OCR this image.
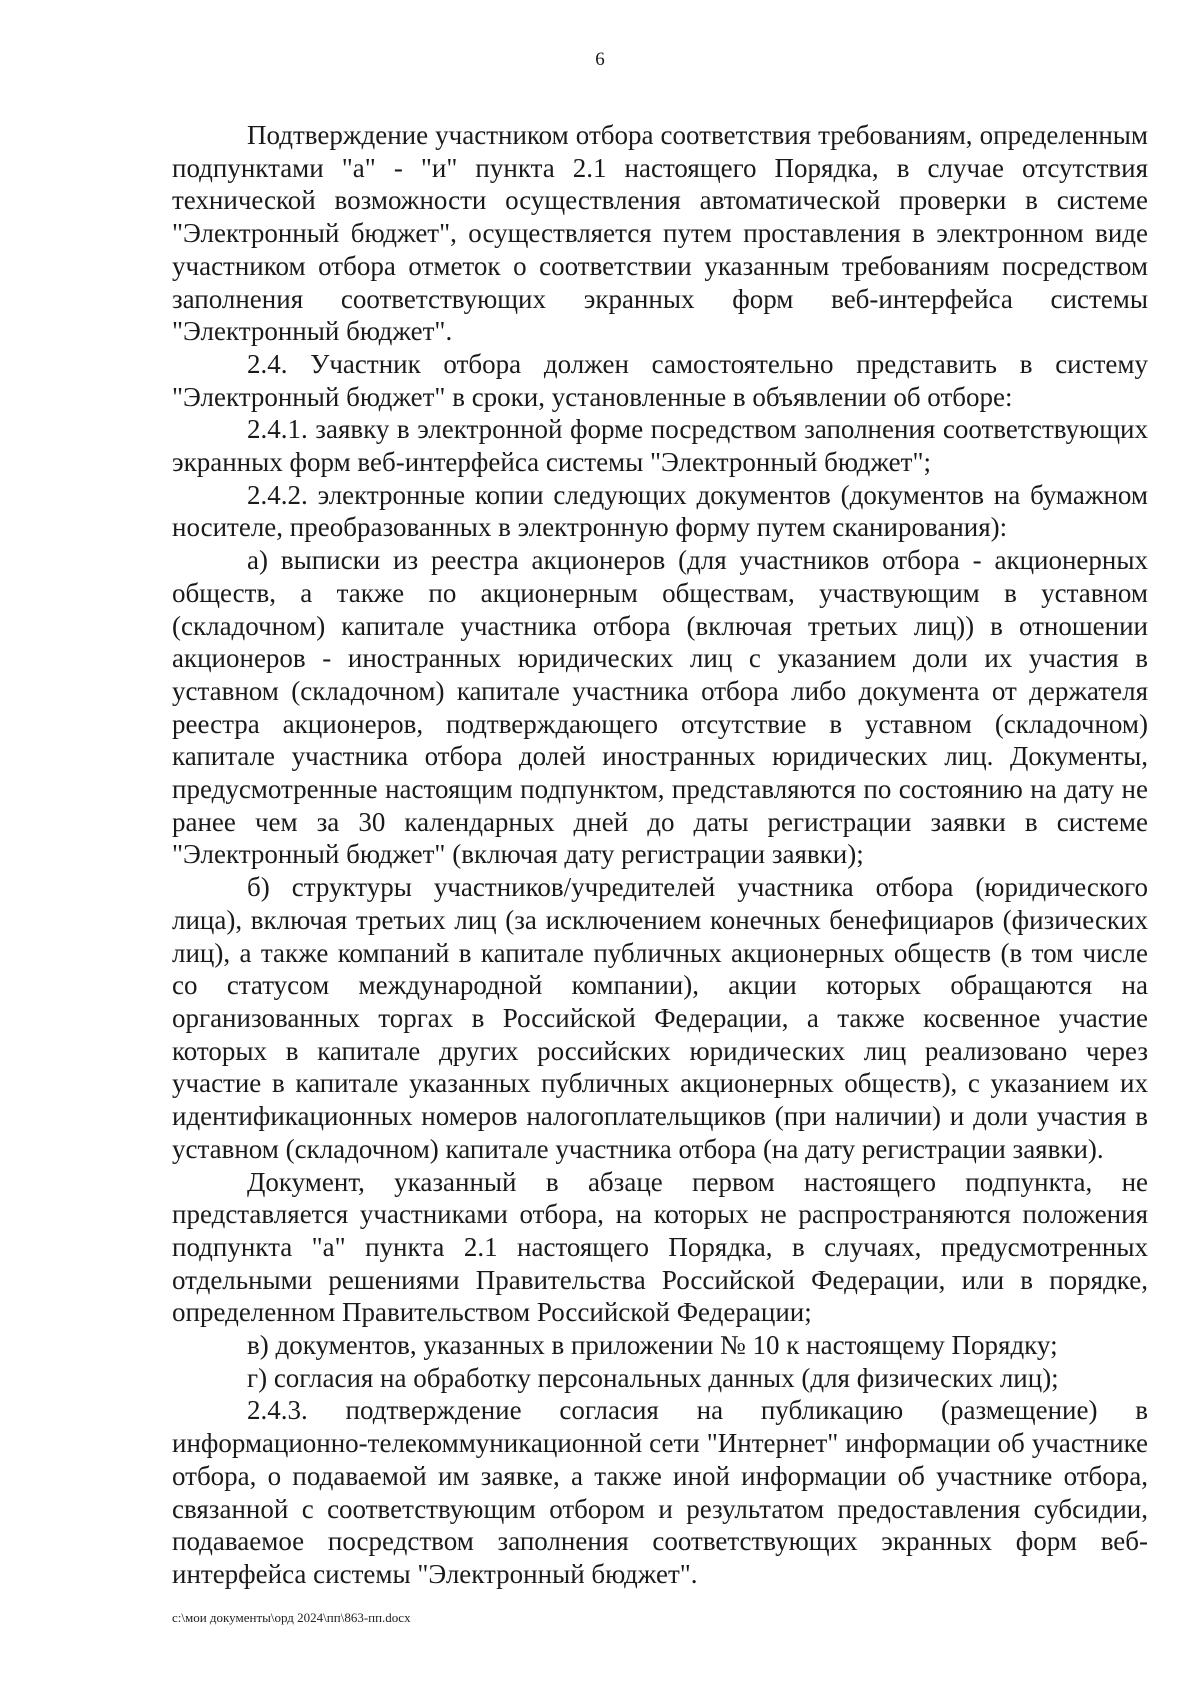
6

Подтверждение участником отбора соответствия требованиям, определенным подпунктами "а" - "и" пункта 2.1 настоящего Порядка, в случае отсутствия технической возможности осуществления автоматической проверки в системе "Электронный бюджет", осуществляется путем проставления в электронном виде участником отбора отметок о соответствии указанным требованиям посредством заполнения соответствующих экранных форм веб-интерфейса системы "Электронный бюджет".

2.4. Участник отбора должен самостоятельно представить в систему "Электронный бюджет" в сроки, установленные в объявлении об отборе:

2.4.1. заявку в электронной форме посредством заполнения соответствующих экранных форм веб-интерфейса системы "Электронный бюджет";

2.4.2. электронные копии следующих документов (документов на бумажном носителе, преобразованных в электронную форму путем сканирования):

а) выписки из реестра акционеров (для участников отбора - акционерных обществ, а также по акционерным обществам, участвующим в уставном (складочном) капитале участника отбора (включая третьих лиц)) в отношении акционеров - иностранных юридических лиц с указанием доли их участия в уставном (складочном) капитале участника отбора либо документа от держателя реестра акционеров, подтверждающего отсутствие в уставном (складочном) капитале участника отбора долей иностранных юридических лиц. Документы, предусмотренные настоящим подпунктом, представляются по состоянию на дату не ранее чем за 30 календарных дней до даты регистрации заявки в системе "Электронный бюджет" (включая дату регистрации заявки);

б) структуры участников/учредителей участника отбора (юридического лица), включая третьих лиц (за исключением конечных бенефициаров (физических лиц), а также компаний в капитале публичных акционерных обществ (в том числе со статусом международной компании), акции которых обращаются на организованных торгах в Российской Федерации, а также косвенное участие которых в капитале других российских юридических лиц реализовано через участие в капитале указанных публичных акционерных обществ), с указанием их идентификационных номеров налогоплательщиков (при наличии) и доли участия в уставном (складочном) капитале участника отбора (на дату регистрации заявки).

Документ, указанный в абзаце первом настоящего подпункта, не представляется участниками отбора, на которых не распространяются положения подпункта "а" пункта 2.1 настоящего Порядка, в случаях, предусмотренных отдельными решениями Правительства Российской Федерации, или в порядке, определенном Правительством Российской Федерации;

в) документов, указанных в приложении № 10 к настоящему Порядку;

г) согласия на обработку персональных данных (для физических лиц);

2.4.3. подтверждение согласия на публикацию (размещение) в информационно-телекоммуникационной сети "Интернет" информации об участнике отбора, о подаваемой им заявке, а также иной информации об участнике отбора, связанной с соответствующим отбором и результатом предоставления субсидии, подаваемое посредством заполнения соответствующих экранных форм веб-интерфейса системы "Электронный бюджет".

c:\мои документы\орд 2024\пп\863-пп.docx
